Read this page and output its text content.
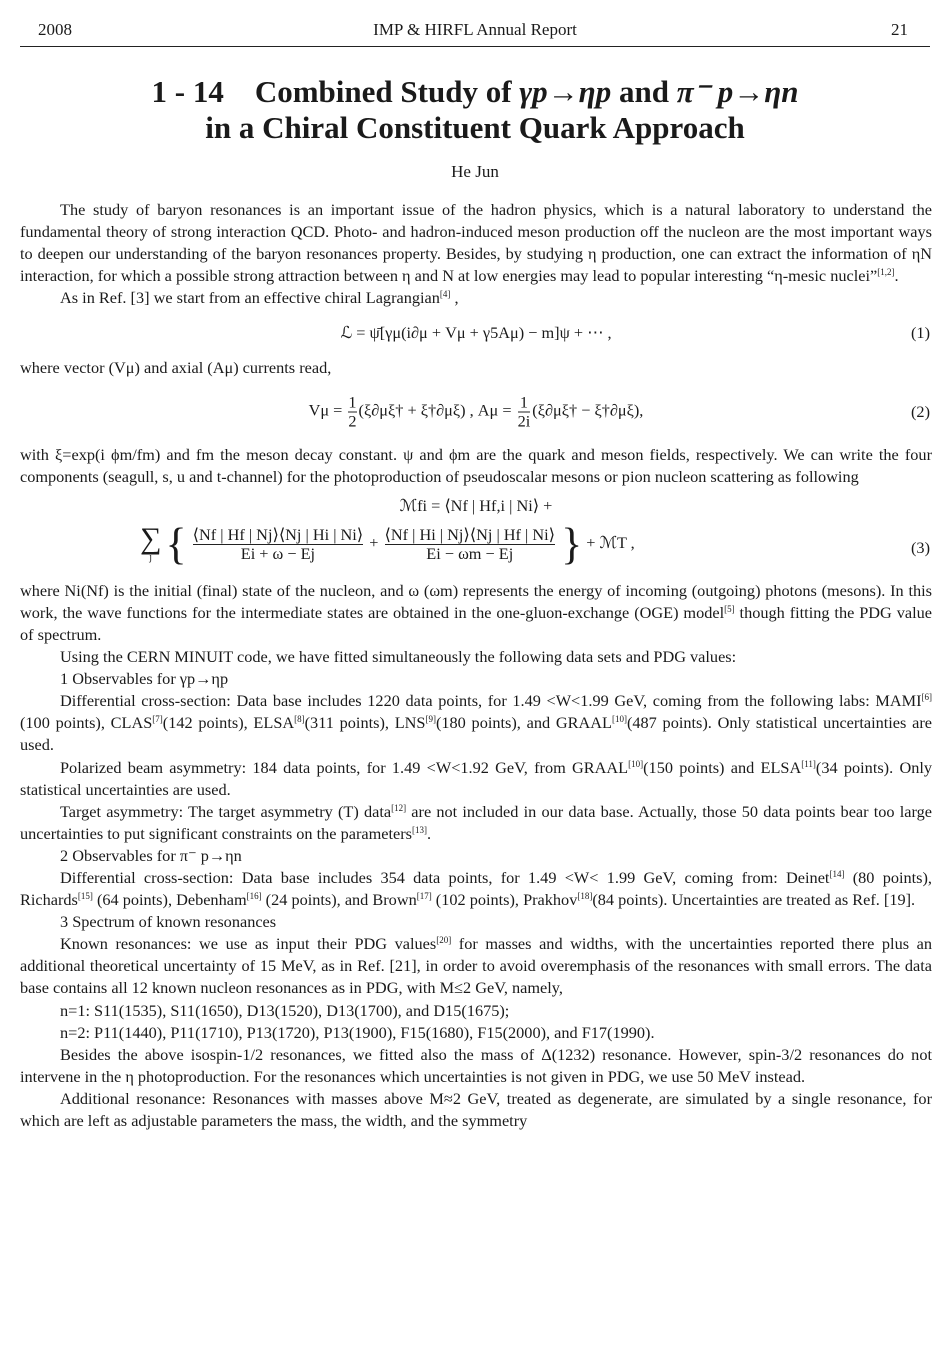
2008	IMP & HIRFL Annual Report	21
1 - 14 Combined Study of γp→ηp and π⁻ p→ηn
in a Chiral Constituent Quark Approach
He Jun

The study of baryon resonances is an important issue of the hadron physics, which is a natural laboratory to understand the fundamental theory of strong interaction QCD. Photo- and hadron-induced meson production off the nucleon are the most important ways to deepen our understanding of the baryon resonances property. Besides, by studying η production, one can extract the information of ηN interaction, for which a possible strong attraction between η and N at low energies may lead to popular interesting “η-mesic nuclei”[1,2].

As in Ref. [3] we start from an effective chiral Lagrangian[4] ,

ℒ = ψ̄[γμ(i∂μ + Vμ + γ5Aμ) − m]ψ + ⋯ ,	(1)

where vector (Vμ) and axial (Aμ) currents read,

$V\mu = \frac{1}{2}$ (ξ∂μξ† + ξ†∂μξ) , $A\mu = \frac{1}{2i}$ (ξ∂μξ† − ξ†∂μξ),	(2)

with ξ=exp(i ϕm/fm) and fm the meson decay constant. ψ and ϕm are the quark and meson fields, respectively. We can write the four components (seagull, s, u and t-channel) for the photoproduction of pseudoscalar mesons or pion nucleon scattering as following

ℳfi = ⟨Nf | Hf,i | Ni⟩ +
∑
j { $\frac{⟨Nf | Hf | Nj⟩⟨Nj | Hi | Ni⟩}{Ei + \omega - Ej} + \frac{⟨Nf | Hi | Nj⟩⟨Nj | Hf | Ni⟩}{Ei - \omega m - Ej}$ } + ℳT ,	(3)

where Ni(Nf) is the initial (final) state of the nucleon, and ω (ωm) represents the energy of incoming (outgoing) photons (mesons). In this work, the wave functions for the intermediate states are obtained in the one-gluon-exchange (OGE) model[5] though fitting the PDG value of spectrum.

Using the CERN MINUIT code, we have fitted simultaneously the following data sets and PDG values:

1 Observables for γp→ηp

Differential cross-section: Data base includes 1220 data points, for 1.49 <W<1.99 GeV, coming from the following labs: MAMI[6](100 points), CLAS[7](142 points), ELSA[8](311 points), LNS[9](180 points), and GRAAL[10](487 points). Only statistical uncertainties are used.

Polarized beam asymmetry: 184 data points, for 1.49 <W<1.92 GeV, from GRAAL[10](150 points) and ELSA[11](34 points). Only statistical uncertainties are used.

Target asymmetry: The target asymmetry (T) data[12] are not included in our data base. Actually, those 50 data points bear too large uncertainties to put significant constraints on the parameters[13].

2 Observables for π⁻ p→ηn

Differential cross-section: Data base includes 354 data points, for 1.49 <W< 1.99 GeV, coming from: Deinet[14] (80 points), Richards[15] (64 points), Debenham[16] (24 points), and Brown[17] (102 points), Prakhov[18](84 points). Uncertainties are treated as Ref. [19].

3 Spectrum of known resonances

Known resonances: we use as input their PDG values[20] for masses and widths, with the uncertainties reported there plus an additional theoretical uncertainty of 15 MeV, as in Ref. [21], in order to avoid overemphasis of the resonances with small errors. The data base contains all 12 known nucleon resonances as in PDG, with M≤2 GeV, namely,

n=1: S11(1535), S11(1650), D13(1520), D13(1700), and D15(1675);

n=2: P11(1440), P11(1710), P13(1720), P13(1900), F15(1680), F15(2000), and F17(1990).

Besides the above isospin-1/2 resonances, we fitted also the mass of Δ(1232) resonance. However, spin-3/2 resonances do not intervene in the η photoproduction. For the resonances which uncertainties is not given in PDG, we use 50 MeV instead.

Additional resonance: Resonances with masses above M≈2 GeV, treated as degenerate, are simulated by a single resonance, for which are left as adjustable parameters the mass, the width, and the symmetry
